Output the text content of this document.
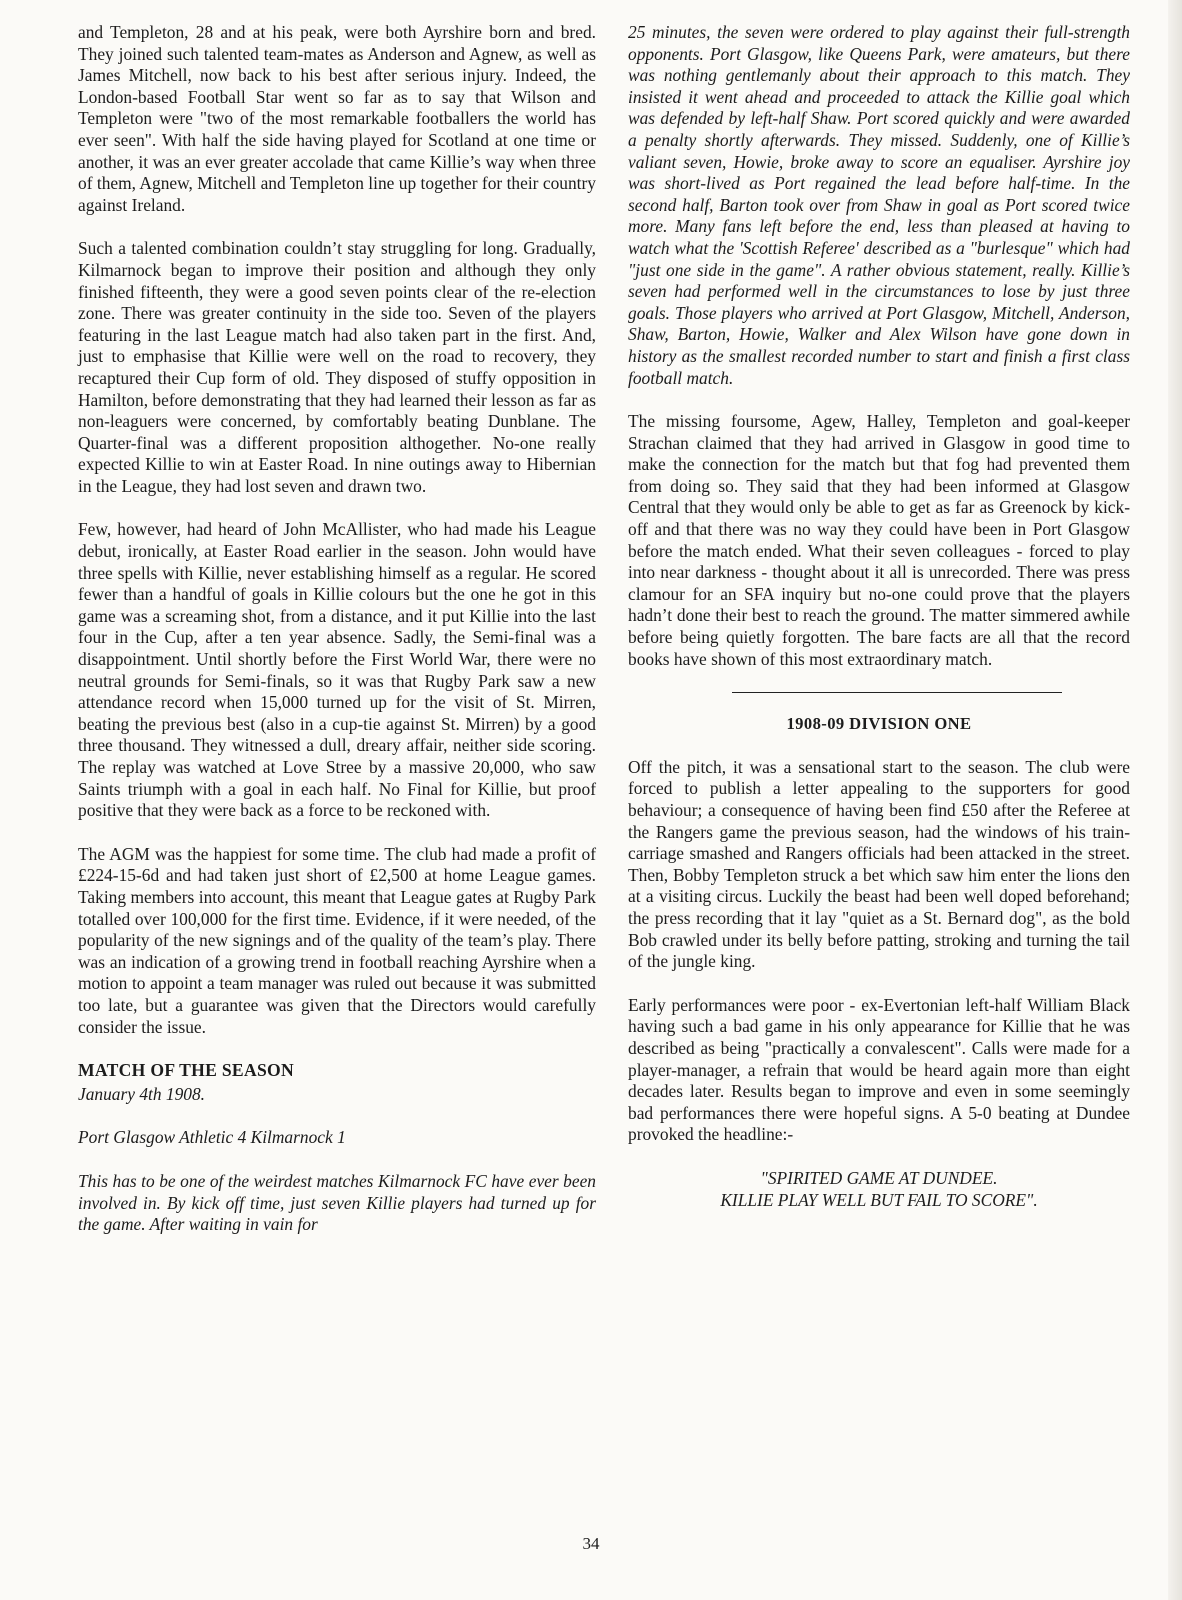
and Templeton, 28 and at his peak, were both Ayrshire born and bred. They joined such talented team-mates as Anderson and Agnew, as well as James Mitchell, now back to his best after serious injury. Indeed, the London-based Football Star went so far as to say that Wilson and Templeton were "two of the most remarkable footballers the world has ever seen". With half the side having played for Scotland at one time or another, it was an ever greater accolade that came Killie’s way when three of them, Agnew, Mitchell and Templeton line up together for their country against Ireland.

Such a talented combination couldn’t stay struggling for long. Gradually, Kilmarnock began to improve their position and although they only finished fifteenth, they were a good seven points clear of the re-election zone. There was greater continuity in the side too. Seven of the players featuring in the last League match had also taken part in the first. And, just to emphasise that Killie were well on the road to recovery, they recaptured their Cup form of old. They disposed of stuffy opposition in Hamilton, before demonstrating that they had learned their lesson as far as non-leaguers were concerned, by comfortably beating Dunblane. The Quarter-final was a different proposition althogether. No-one really expected Killie to win at Easter Road. In nine outings away to Hibernian in the League, they had lost seven and drawn two.

Few, however, had heard of John McAllister, who had made his League debut, ironically, at Easter Road earlier in the season. John would have three spells with Killie, never establishing himself as a regular. He scored fewer than a handful of goals in Killie colours but the one he got in this game was a screaming shot, from a distance, and it put Killie into the last four in the Cup, after a ten year absence. Sadly, the Semi-final was a disappointment. Until shortly before the First World War, there were no neutral grounds for Semi-finals, so it was that Rugby Park saw a new attendance record when 15,000 turned up for the visit of St. Mirren, beating the previous best (also in a cup-tie against St. Mirren) by a good three thousand. They witnessed a dull, dreary affair, neither side scoring. The replay was watched at Love Stree by a massive 20,000, who saw Saints triumph with a goal in each half. No Final for Killie, but proof positive that they were back as a force to be reckoned with.

The AGM was the happiest for some time. The club had made a profit of £224-15-6d and had taken just short of £2,500 at home League games. Taking members into account, this meant that League gates at Rugby Park totalled over 100,000 for the first time. Evidence, if it were needed, of the popularity of the new signings and of the quality of the team’s play. There was an indication of a growing trend in football reaching Ayrshire when a motion to appoint a team manager was ruled out because it was submitted too late, but a guarantee was given that the Directors would carefully consider the issue.

MATCH OF THE SEASON

January 4th 1908.

Port Glasgow Athletic 4 Kilmarnock 1

This has to be one of the weirdest matches Kilmarnock FC have ever been involved in. By kick off time, just seven Killie players had turned up for the game. After waiting in vain for

25 minutes, the seven were ordered to play against their full-strength opponents. Port Glasgow, like Queens Park, were amateurs, but there was nothing gentlemanly about their approach to this match. They insisted it went ahead and proceeded to attack the Killie goal which was defended by left-half Shaw. Port scored quickly and were awarded a penalty shortly afterwards. They missed. Suddenly, one of Killie’s valiant seven, Howie, broke away to score an equaliser. Ayrshire joy was short-lived as Port regained the lead before half-time. In the second half, Barton took over from Shaw in goal as Port scored twice more. Many fans left before the end, less than pleased at having to watch what the 'Scottish Referee' described as a "burlesque" which had "just one side in the game". A rather obvious statement, really. Killie’s seven had performed well in the circumstances to lose by just three goals. Those players who arrived at Port Glasgow, Mitchell, Anderson, Shaw, Barton, Howie, Walker and Alex Wilson have gone down in history as the smallest recorded number to start and finish a first class football match.

The missing foursome, Agew, Halley, Templeton and goal-keeper Strachan claimed that they had arrived in Glasgow in good time to make the connection for the match but that fog had prevented them from doing so. They said that they had been informed at Glasgow Central that they would only be able to get as far as Greenock by kick-off and that there was no way they could have been in Port Glasgow before the match ended. What their seven colleagues - forced to play into near darkness - thought about it all is unrecorded. There was press clamour for an SFA inquiry but no-one could prove that the players hadn’t done their best to reach the ground. The matter simmered awhile before being quietly forgotten. The bare facts are all that the record books have shown of this most extraordinary match.

1908-09 DIVISION ONE

Off the pitch, it was a sensational start to the season. The club were forced to publish a letter appealing to the supporters for good behaviour; a consequence of having been find £50 after the Referee at the Rangers game the previous season, had the windows of his train-carriage smashed and Rangers officials had been attacked in the street. Then, Bobby Templeton struck a bet which saw him enter the lions den at a visiting circus. Luckily the beast had been well doped beforehand; the press recording that it lay "quiet as a St. Bernard dog", as the bold Bob crawled under its belly before patting, stroking and turning the tail of the jungle king.

Early performances were poor - ex-Evertonian left-half William Black having such a bad game in his only appearance for Killie that he was described as being "practically a convalescent". Calls were made for a player-manager, a refrain that would be heard again more than eight decades later. Results began to improve and even in some seemingly bad performances there were hopeful signs. A 5-0 beating at Dundee provoked the headline:-

"SPIRITED GAME AT DUNDEE.
KILLIE PLAY WELL BUT FAIL TO SCORE".
34
